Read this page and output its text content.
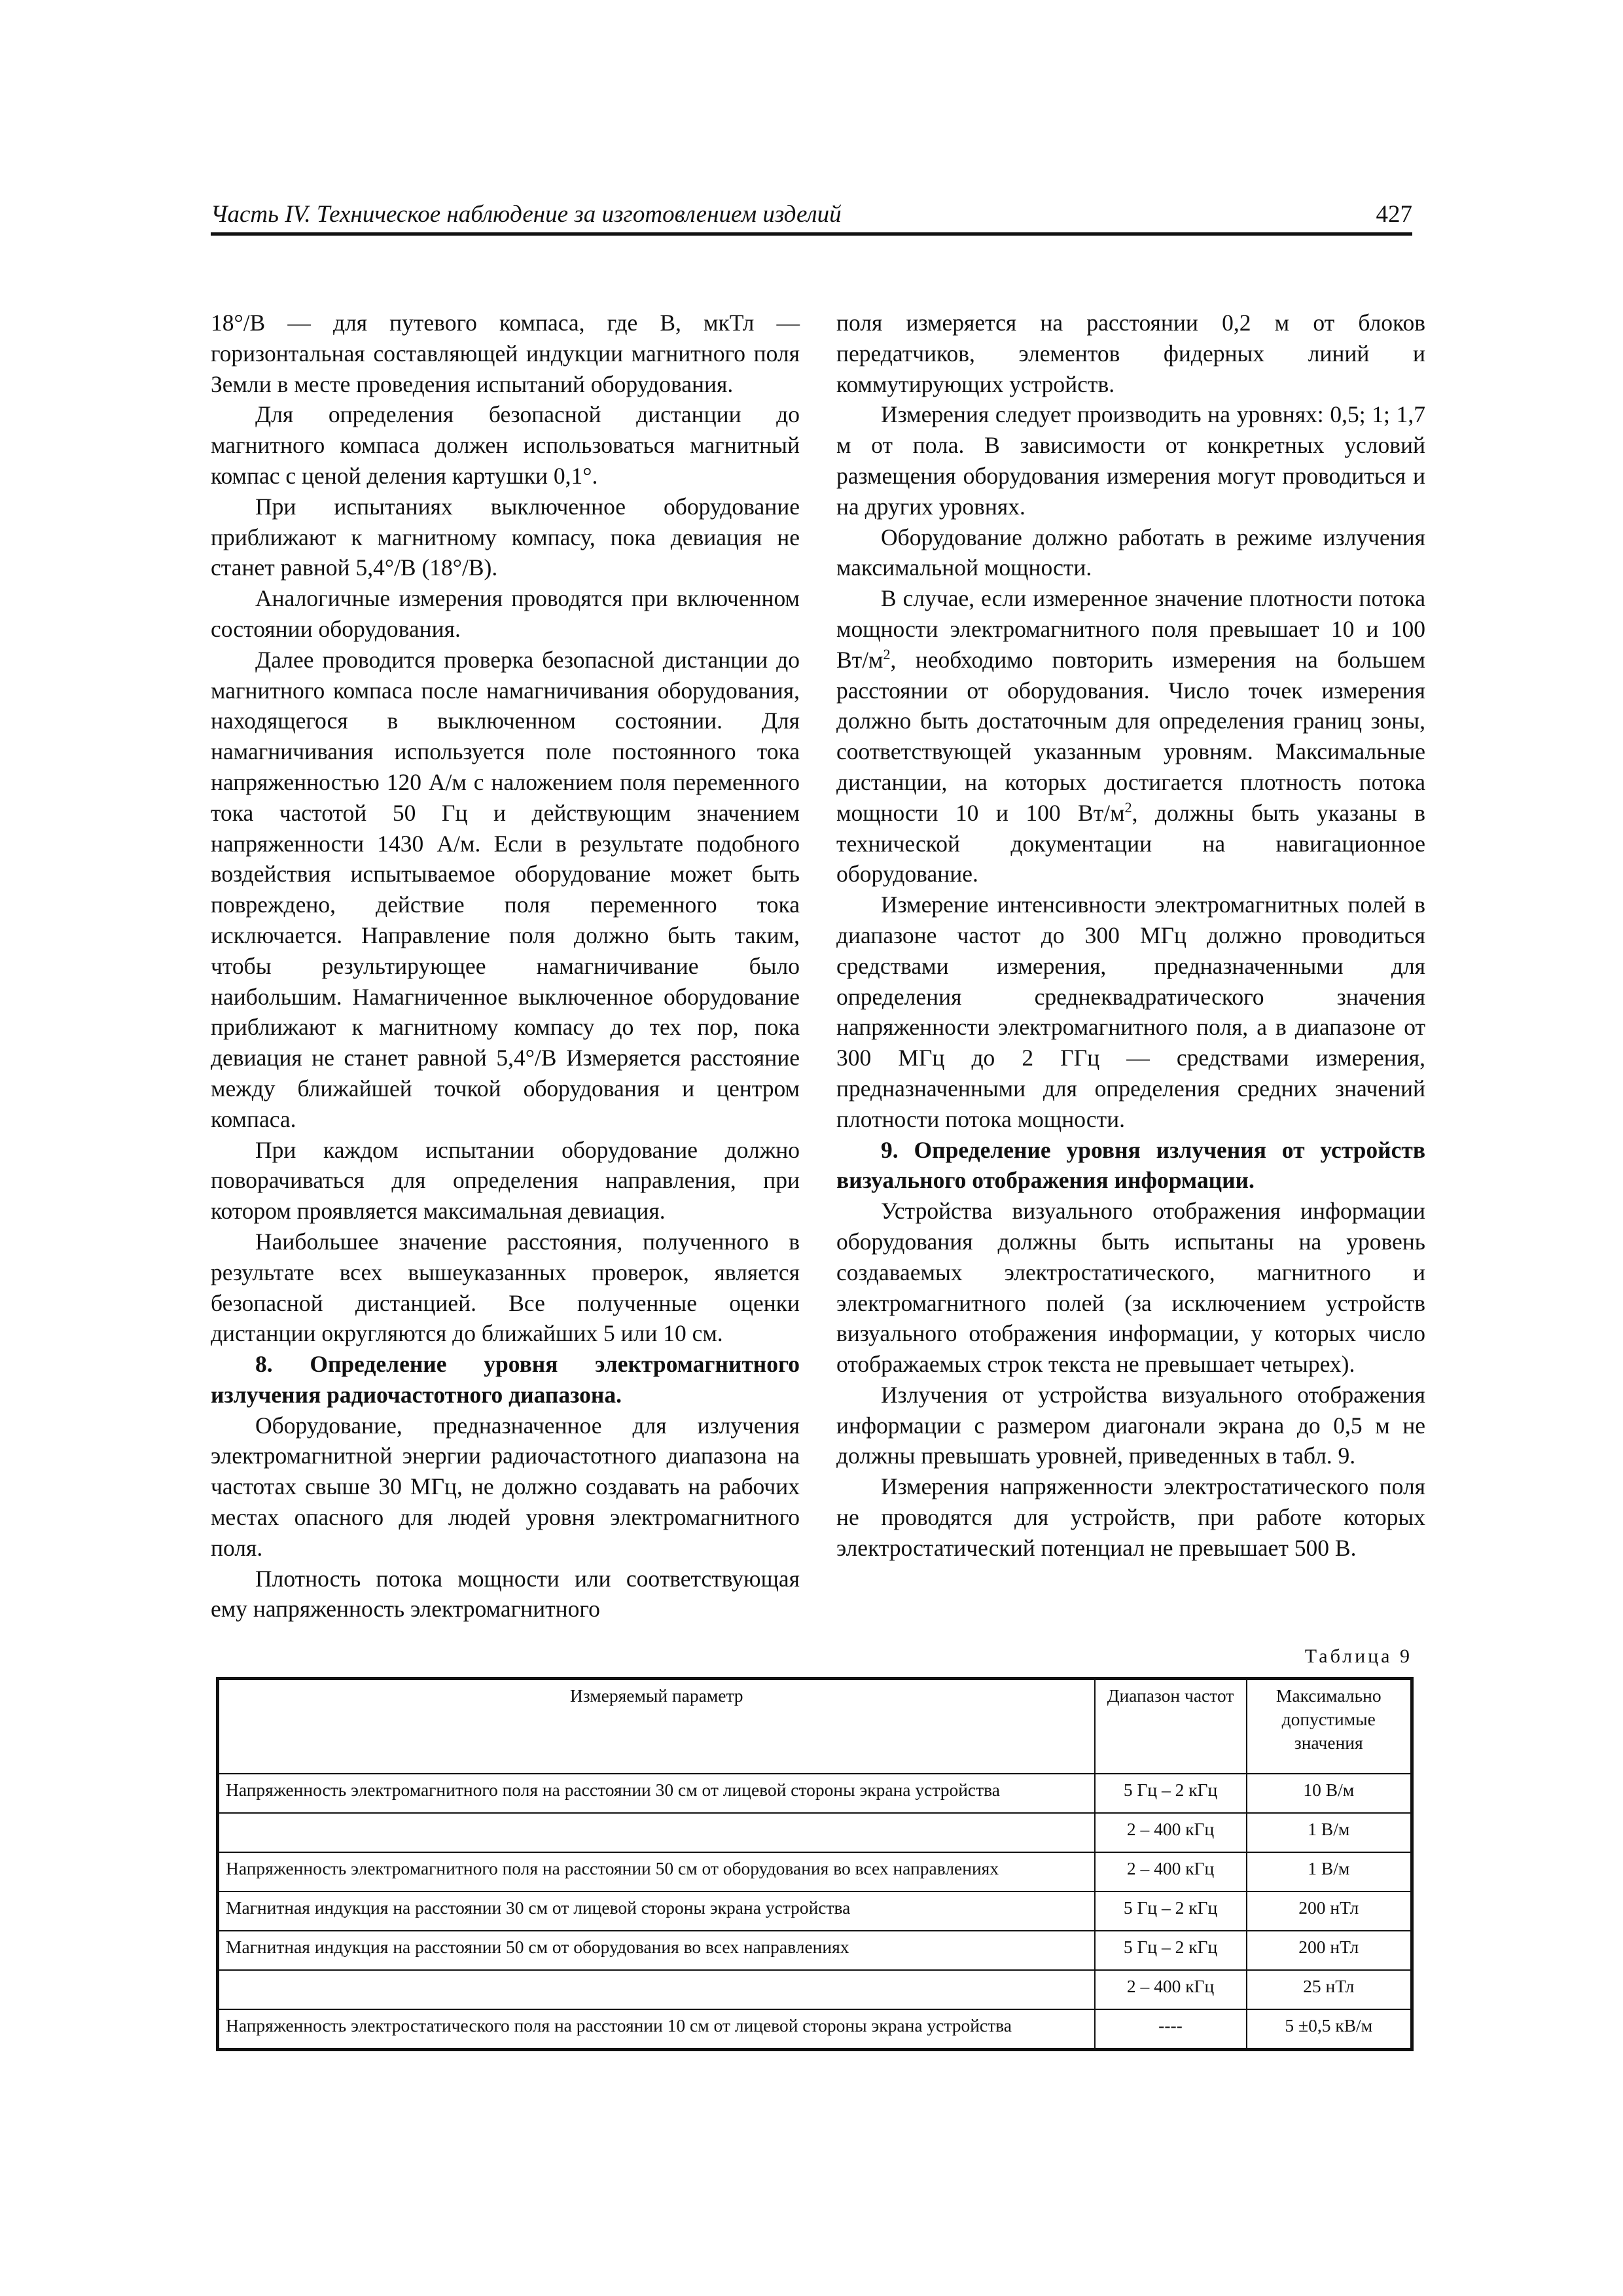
Часть IV. Техническое наблюдение за изготовлением изделий	427

18°/B — для путевого компаса, где B, мкТл — горизонтальная составляющей индукции магнитного поля Земли в месте проведения испытаний оборудования.

Для определения безопасной дистанции до магнитного компаса должен использоваться магнитный компас с ценой деления картушки 0,1°.

При испытаниях выключенное оборудование приближают к магнитному компасу, пока девиация не станет равной 5,4°/B (18°/B).

Аналогичные измерения проводятся при включенном состоянии оборудования.

Далее проводится проверка безопасной дистанции до магнитного компаса после намагничивания оборудования, находящегося в выключенном состоянии. Для намагничивания используется поле постоянного тока напряженностью 120 А/м с наложением поля переменного тока частотой 50 Гц и действующим значением напряженности 1430 А/м. Если в результате подобного воздействия испытываемое оборудование может быть повреждено, действие поля переменного тока исключается. Направление поля должно быть таким, чтобы результирующее намагничивание было наибольшим. Намагниченное выключенное оборудование приближают к магнитному компасу до тех пор, пока девиация не станет равной 5,4°/B Измеряется расстояние между ближайшей точкой оборудования и центром компаса.

При каждом испытании оборудование должно поворачиваться для определения направления, при котором проявляется максимальная девиация.

Наибольшее значение расстояния, полученного в результате всех вышеуказанных проверок, является безопасной дистанцией. Все полученные оценки дистанции округляются до ближайших 5 или 10 см.

8. Определение уровня электромагнитного излучения радиочастотного диапазона.

Оборудование, предназначенное для излучения электромагнитной энергии радиочастотного диапазона на частотах свыше 30 МГц, не должно создавать на рабочих местах опасного для людей уровня электромагнитного поля.

Плотность потока мощности или соответствующая ему напряженность электромагнитного

поля измеряется на расстоянии 0,2 м от блоков передатчиков, элементов фидерных линий и коммутирующих устройств.

Измерения следует производить на уровнях: 0,5; 1; 1,7 м от пола. В зависимости от конкретных условий размещения оборудования измерения могут проводиться и на других уровнях.

Оборудование должно работать в режиме излучения максимальной мощности.

В случае, если измеренное значение плотности потока мощности электромагнитного поля превышает 10 и 100 $Вт/м^2$, необходимо повторить измерения на большем расстоянии от оборудования. Число точек измерения должно быть достаточным для определения границ зоны, соответствующей указанным уровням. Максимальные дистанции, на которых достигается плотность потока мощности 10 и 100 $Вт/м^2$, должны быть указаны в технической документации на навигационное оборудование.

Измерение интенсивности электромагнитных полей в диапазоне частот до 300 МГц должно проводиться средствами измерения, предназначенными для определения среднеквадратического значения напряженности электромагнитного поля, а в диапазоне от 300 МГц до 2 ГГц — средствами измерения, предназначенными для определения средних значений плотности потока мощности.

9. Определение уровня излучения от устройств визуального отображения информации.

Устройства визуального отображения информации оборудования должны быть испытаны на уровень создаваемых электростатического, магнитного и электромагнитного полей (за исключением устройств визуального отображения информации, у которых число отображаемых строк текста не превышает четырех).

Излучения от устройства визуального отображения информации с размером диагонали экрана до 0,5 м не должны превышать уровней, приведенных в табл. 9.

Измерения напряженности электростатического поля не проводятся для устройств, при работе которых электростатический потенциал не превышает 500 В.

Таблица 9
Измеряемый параметр	Диапазон частот	Максимально допустимые значения
Напряженность электромагнитного поля на расстоянии 30 см от лицевой стороны экрана устройства	5 Гц – 2 кГц	10 В/м
	2 – 400 кГц	1 В/м
Напряженность электромагнитного поля на расстоянии 50 см от оборудования во всех направлениях	2 – 400 кГц	1 В/м
Магнитная индукция на расстоянии 30 см от лицевой стороны экрана устройства	5 Гц – 2 кГц	200 нТл
Магнитная индукция на расстоянии 50 см от оборудования во всех направлениях	5 Гц – 2 кГц	200 нТл
	2 – 400 кГц	25 нТл
Напряженность электростатического поля на расстоянии 10 см от лицевой стороны экрана устройства	----	5 ±0,5 кВ/м
